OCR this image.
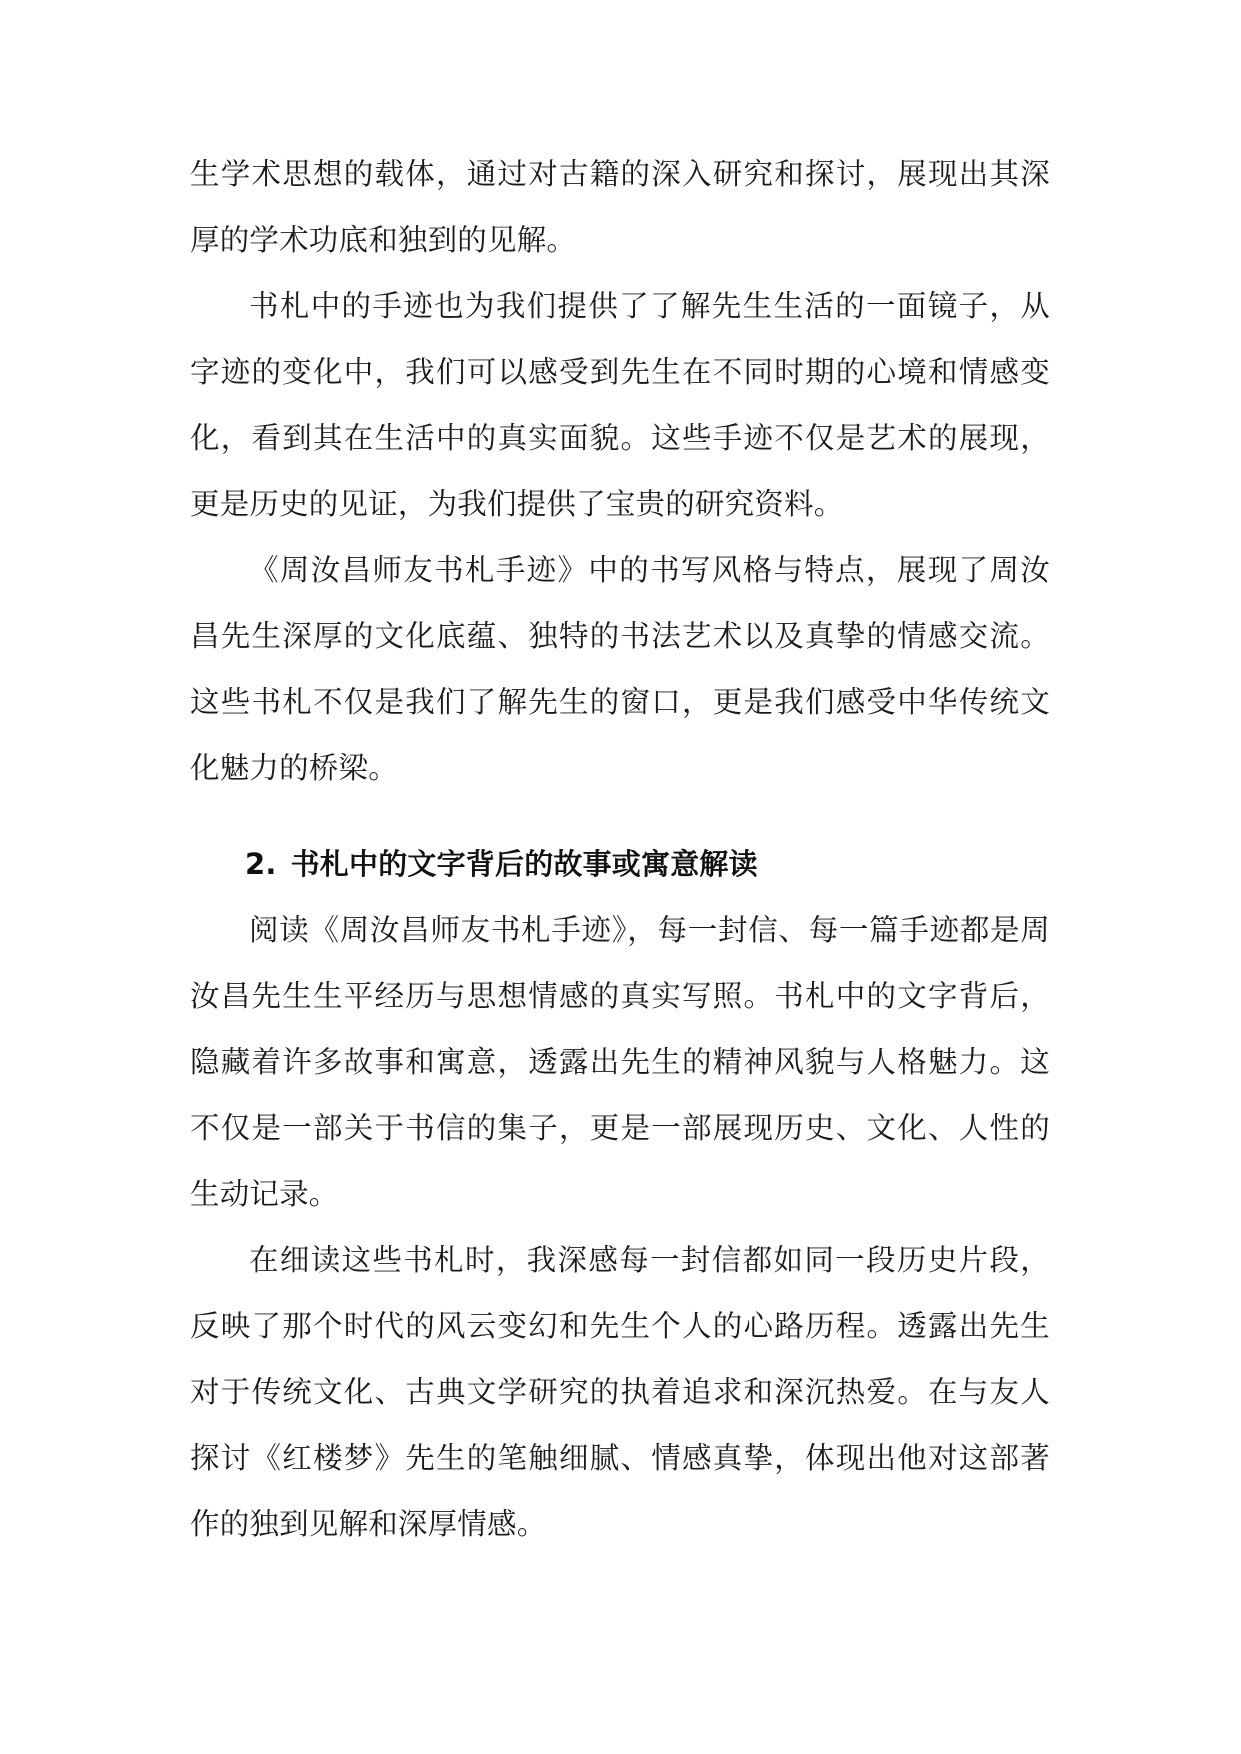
生学术思想的载体，通过对古籍的深入研究和探讨，展现出其深厚的学术功底和独到的见解。

书札中的手迹也为我们提供了了解先生生活的一面镜子，从字迹的变化中，我们可以感受到先生在不同时期的心境和情感变化，看到其在生活中的真实面貌。这些手迹不仅是艺术的展现，更是历史的见证，为我们提供了宝贵的研究资料。

《周汝昌师友书札手迹》中的书写风格与特点，展现了周汝昌先生深厚的文化底蕴、独特的书法艺术以及真挚的情感交流。这些书札不仅是我们了解先生的窗口，更是我们感受中华传统文化魅力的桥梁。

2. 书札中的文字背后的故事或寓意解读

阅读《周汝昌师友书札手迹》，每一封信、每一篇手迹都是周汝昌先生生平经历与思想情感的真实写照。书札中的文字背后，隐藏着许多故事和寓意，透露出先生的精神风貌与人格魅力。这不仅是一部关于书信的集子，更是一部展现历史、文化、人性的生动记录。

在细读这些书札时，我深感每一封信都如同一段历史片段，反映了那个时代的风云变幻和先生个人的心路历程。透露出先生对于传统文化、古典文学研究的执着追求和深沉热爱。在与友人探讨《红楼梦》先生的笔触细腻、情感真挚，体现出他对这部著作的独到见解和深厚情感。
